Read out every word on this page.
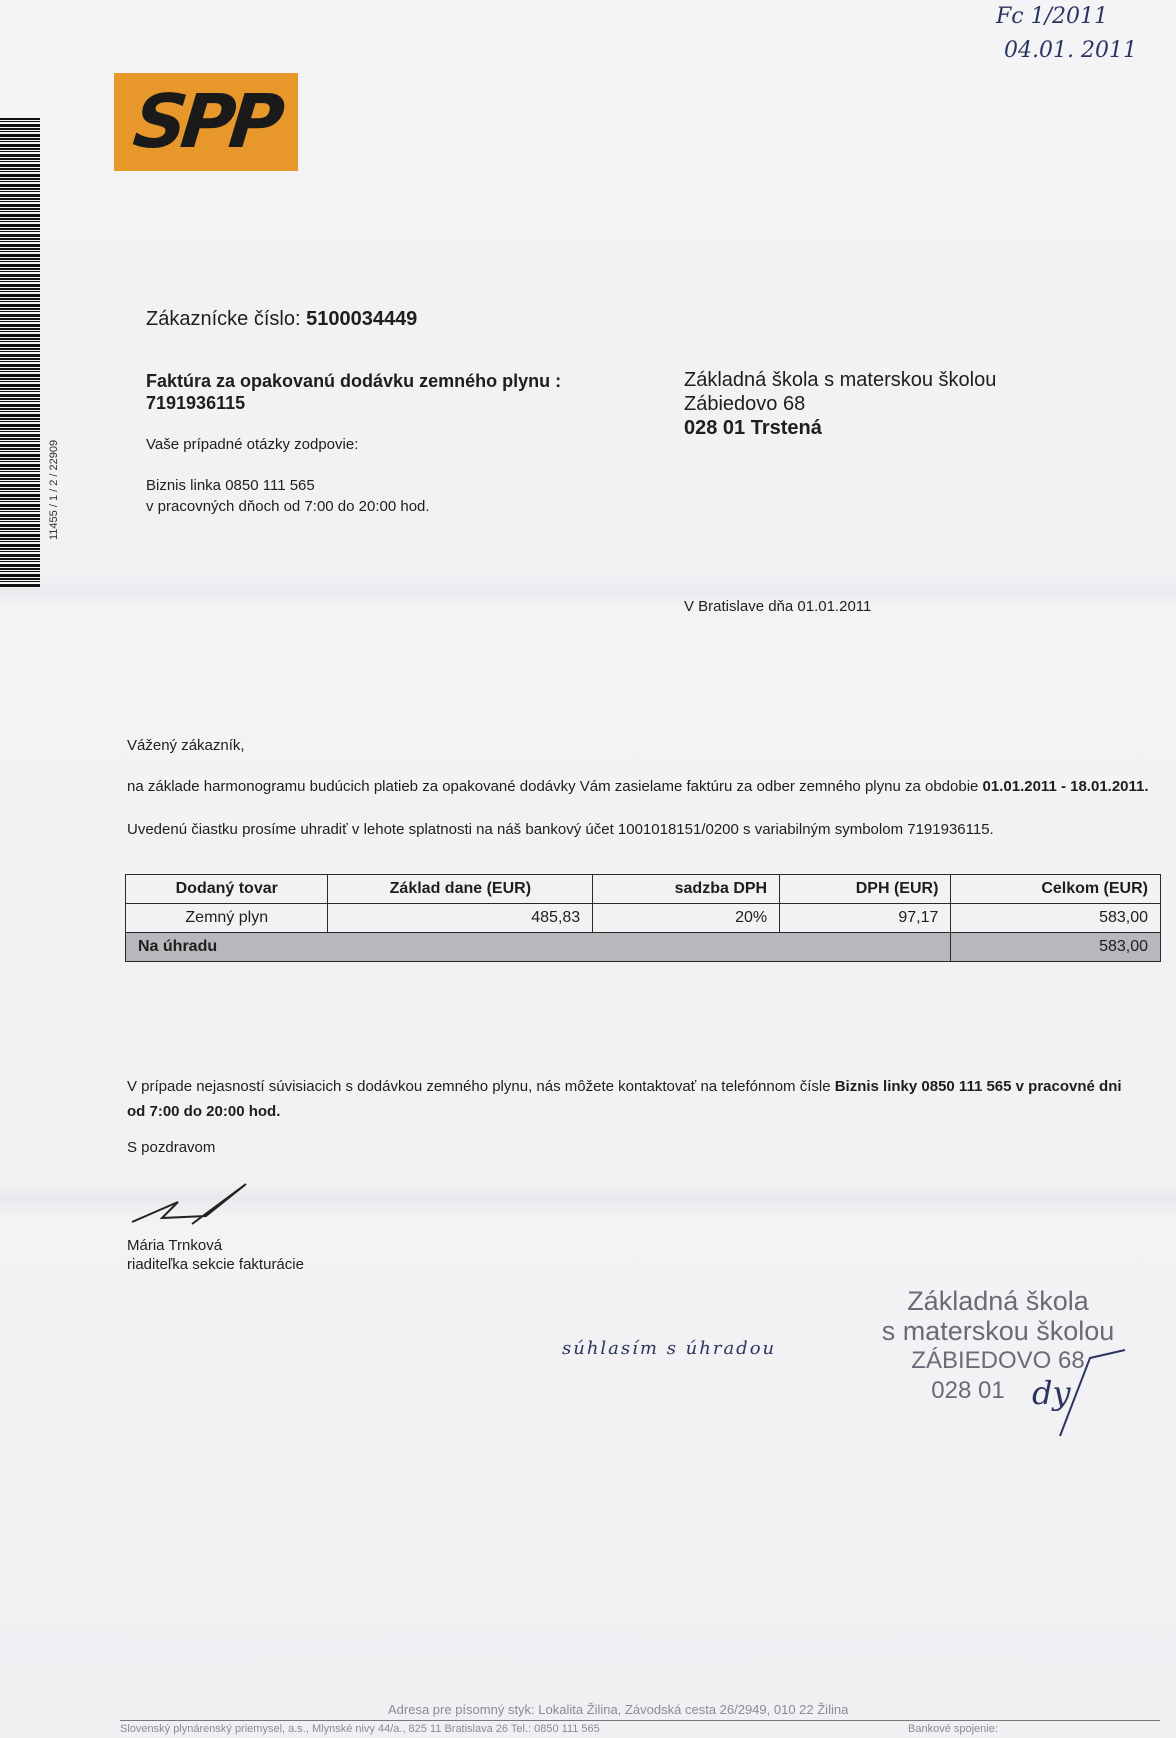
Fc 1/2011
04.01. 2011
SPP
11455 / 1 / 2 / 22909
Zákaznícke číslo: 5100034449
Faktúra za opakovanú dodávku zemného plynu :
7191936115
Vaše prípadné otázky zodpovie:
Biznis linka 0850 111 565
v pracovných dňoch od 7:00 do 20:00 hod.
Základná škola s materskou školou
Zábiedovo 68
028 01 Trstená
V Bratislave dňa 01.01.2011
Vážený zákazník,
na základe harmonogramu budúcich platieb za opakované dodávky Vám zasielame faktúru za odber zemného plynu za obdobie 01.01.2011 - 18.01.2011.
Uvedenú čiastku prosíme uhradiť v lehote splatnosti na náš bankový účet 1001018151/0200 s variabilným symbolom 7191936115.
Dodaný tovar	Základ dane (EUR)	sadzba DPH	DPH (EUR)	Celkom (EUR)
Zemný plyn	485,83	20%	97,17	583,00
Na úhradu				583,00
V prípade nejasností súvisiacich s dodávkou zemného plynu, nás môžete kontaktovať na telefónnom čísle Biznis linky 0850 111 565 v pracovné dni od 7:00 do 20:00 hod.
S pozdravom
Mária Trnková
riaditeľka sekcie fakturácie
súhlasím s úhradou
Základná škola
s materskou školou
ZÁBIEDOVO 68
028 01 dy
Adresa pre písomný styk: Lokalita Žilina, Závodská cesta 26/2949, 010 22 Žilina
Slovenský plynárenský priemysel, a.s., Mlynské nivy 44/a., 825 11 Bratislava 26 Tel.: 0850 111 565	Bankové spojenie:
